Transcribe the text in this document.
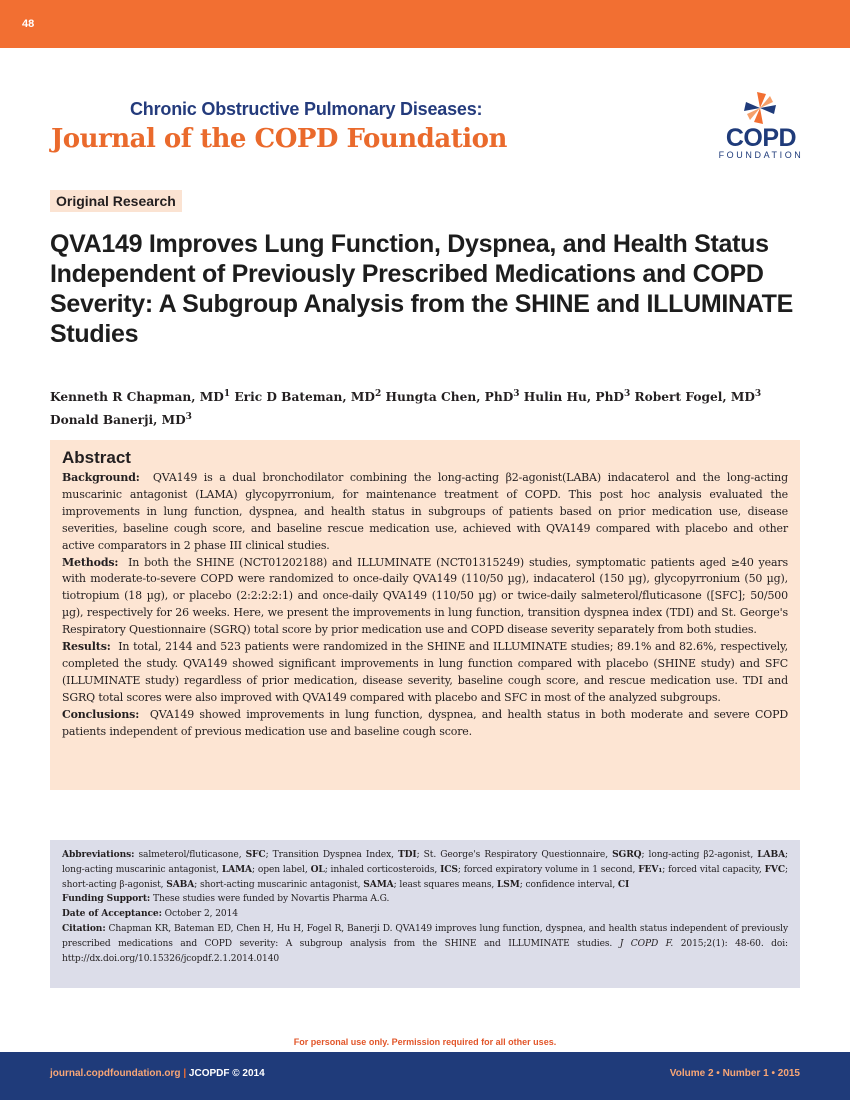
48
Chronic Obstructive Pulmonary Diseases:
Journal of the COPD Foundation	COPD
FOUNDATION
Original Research
QVA149 Improves Lung Function, Dyspnea, and Health Status Independent of Previously Prescribed Medications and COPD Severity: A Subgroup Analysis from the SHINE and ILLUMINATE Studies
Kenneth R Chapman, $MD^1$ Eric D Bateman, $MD^2$ Hungta Chen, PhD$^3$ Hulin Hu, PhD$^3$ Robert Fogel, $MD^3$
Donald Banerji, $MD^3$
Abstract
Background: QVA149 is a dual bronchodilator combining the long-acting β2-agonist(LABA) indacaterol and the long-acting muscarinic antagonist (LAMA) glycopyrronium, for maintenance treatment of COPD. This post hoc analysis evaluated the improvements in lung function, dyspnea, and health status in subgroups of patients based on prior medication use, disease severities, baseline cough score, and baseline rescue medication use, achieved with QVA149 compared with placebo and other active comparators in 2 phase III clinical studies.
Methods: In both the SHINE (NCT01202188) and ILLUMINATE (NCT01315249) studies, symptomatic patients aged ≥40 years with moderate-to-severe COPD were randomized to once-daily QVA149 (110/50 µg), indacaterol (150 µg), glycopyrronium (50 µg), tiotropium (18 µg), or placebo (2:2:2:2:1) and once-daily QVA149 (110/50 µg) or twice-daily salmeterol/fluticasone ([SFC]; 50/500 µg), respectively for 26 weeks. Here, we present the improvements in lung function, transition dyspnea index (TDI) and St. George's Respiratory Questionnaire (SGRQ) total score by prior medication use and COPD disease severity separately from both studies.
Results: In total, 2144 and 523 patients were randomized in the SHINE and ILLUMINATE studies; 89.1% and 82.6%, respectively, completed the study. QVA149 showed significant improvements in lung function compared with placebo (SHINE study) and SFC (ILLUMINATE study) regardless of prior medication, disease severity, baseline cough score, and rescue medication use. TDI and SGRQ total scores were also improved with QVA149 compared with placebo and SFC in most of the analyzed subgroups.
Conclusions: QVA149 showed improvements in lung function, dyspnea, and health status in both moderate and severe COPD patients independent of previous medication use and baseline cough score.
Abbreviations: salmeterol/fluticasone, SFC; Transition Dyspnea Index, TDI; St. George's Respiratory Questionnaire, SGRQ; long-acting β2-agonist, LABA; long-acting muscarinic antagonist, LAMA; open label, OL; inhaled corticosteroids, ICS; forced expiratory volume in 1 second, FEV₁; forced vital capacity, FVC; short-acting β-agonist, SABA; short-acting muscarinic antagonist, SAMA; least squares means, LSM; confidence interval, CI
Funding Support: These studies were funded by Novartis Pharma A.G.
Date of Acceptance: October 2, 2014
Citation: Chapman KR, Bateman ED, Chen H, Hu H, Fogel R, Banerji D. QVA149 improves lung function, dyspnea, and health status independent of previously prescribed medications and COPD severity: A subgroup analysis from the SHINE and ILLUMINATE studies. J COPD F. 2015;2(1): 48-60. doi: http://dx.doi.org/10.15326/jcopdf.2.1.2014.0140
For personal use only. Permission required for all other uses.
journal.copdfoundation.org | JCOPDF © 2014	Volume 2 • Number 1 • 2015
